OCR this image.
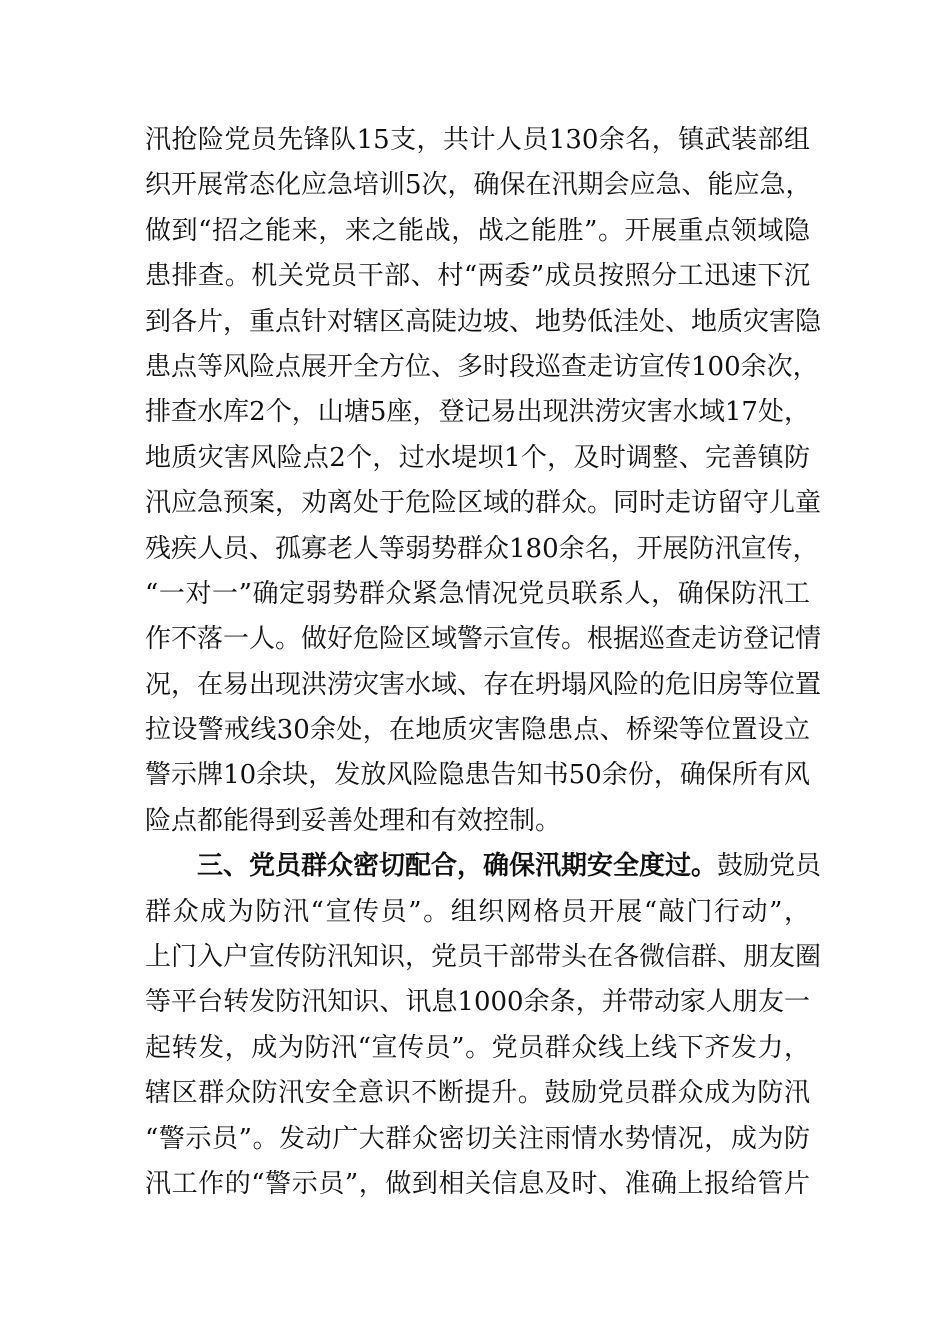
汛抢险党员先锋队15支，共计人员130余名，镇武装部组
织开展常态化应急培训5次，确保在汛期会应急、能应急，
做到“招之能来，来之能战，战之能胜”。开展重点领域隐
患排查。机关党员干部、村“两委”成员按照分工迅速下沉
到各片，重点针对辖区高陡边坡、地势低洼处、地质灾害隐
患点等风险点展开全方位、多时段巡查走访宣传100余次，
排查水库2个，山塘5座，登记易出现洪涝灾害水域17处，
地质灾害风险点2个，过水堤坝1个，及时调整、完善镇防
汛应急预案，劝离处于危险区域的群众。同时走访留守儿童
残疾人员、孤寡老人等弱势群众180余名，开展防汛宣传，
“一对一”确定弱势群众紧急情况党员联系人，确保防汛工
作不落一人。做好危险区域警示宣传。根据巡查走访登记情
况，在易出现洪涝灾害水域、存在坍塌风险的危旧房等位置
拉设警戒线30余处，在地质灾害隐患点、桥梁等位置设立
警示牌10余块，发放风险隐患告知书50余份，确保所有风
险点都能得到妥善处理和有效控制。
三、党员群众密切配合，确保汛期安全度过。鼓励党员
群众成为防汛“宣传员”。组织网格员开展“敲门行动”，
上门入户宣传防汛知识，党员干部带头在各微信群、朋友圈
等平台转发防汛知识、讯息1000余条，并带动家人朋友一
起转发，成为防汛“宣传员”。党员群众线上线下齐发力，
辖区群众防汛安全意识不断提升。鼓励党员群众成为防汛
“警示员”。发动广大群众密切关注雨情水势情况，成为防
汛工作的“警示员”，做到相关信息及时、准确上报给管片
